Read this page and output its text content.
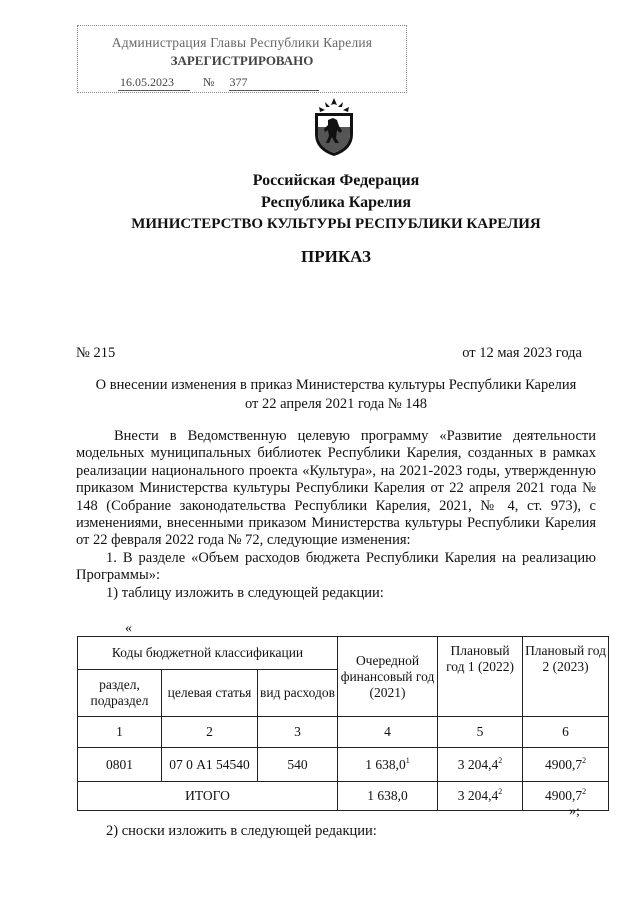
Администрация Главы Республики Карелия
ЗАРЕГИСТРИРОВАНО
16.05.2023 № 377
Российская Федерация
Республика Карелия
МИНИСТЕРСТВО КУЛЬТУРЫ РЕСПУБЛИКИ КАРЕЛИЯ
ПРИКАЗ
№ 215	от 12 мая 2023 года
О внесении изменения в приказ Министерства культуры Республики Карелия
от 22 апреля 2021 года № 148

Внести в Ведомственную целевую программу «Развитие деятельности модельных муниципальных библиотек Республики Карелия, созданных в рамках реализации национального проекта «Культура», на 2021-2023 годы, утвержденную приказом Министерства культуры Республики Карелия от 22 апреля 2021 года № 148 (Собрание законодательства Республики Карелия, 2021, № 4, ст. 973), с изменениями, внесенными приказом Министерства культуры Республики Карелия от 22 февраля 2022 года № 72, следующие изменения:

1. В разделе «Объем расходов бюджета Республики Карелия на реализацию Программы»:

1) таблицу изложить в следующей редакции:

«
Коды бюджетной классификации			Очередной финансовый год (2021)	Плановый год 1 (2022)	Плановый год 2 (2023)
раздел, подраздел	целевая статья	вид расходов			
1	2	3	4	5	6
0801	07 0 А1 54540	540	1 638,0$^1$	3 204,4$^2$	4900,7$^2$
ИТОГО			1 638,0	3 204,4$^2$	4900,7$^2$
»;
2) сноски изложить в следующей редакции:
